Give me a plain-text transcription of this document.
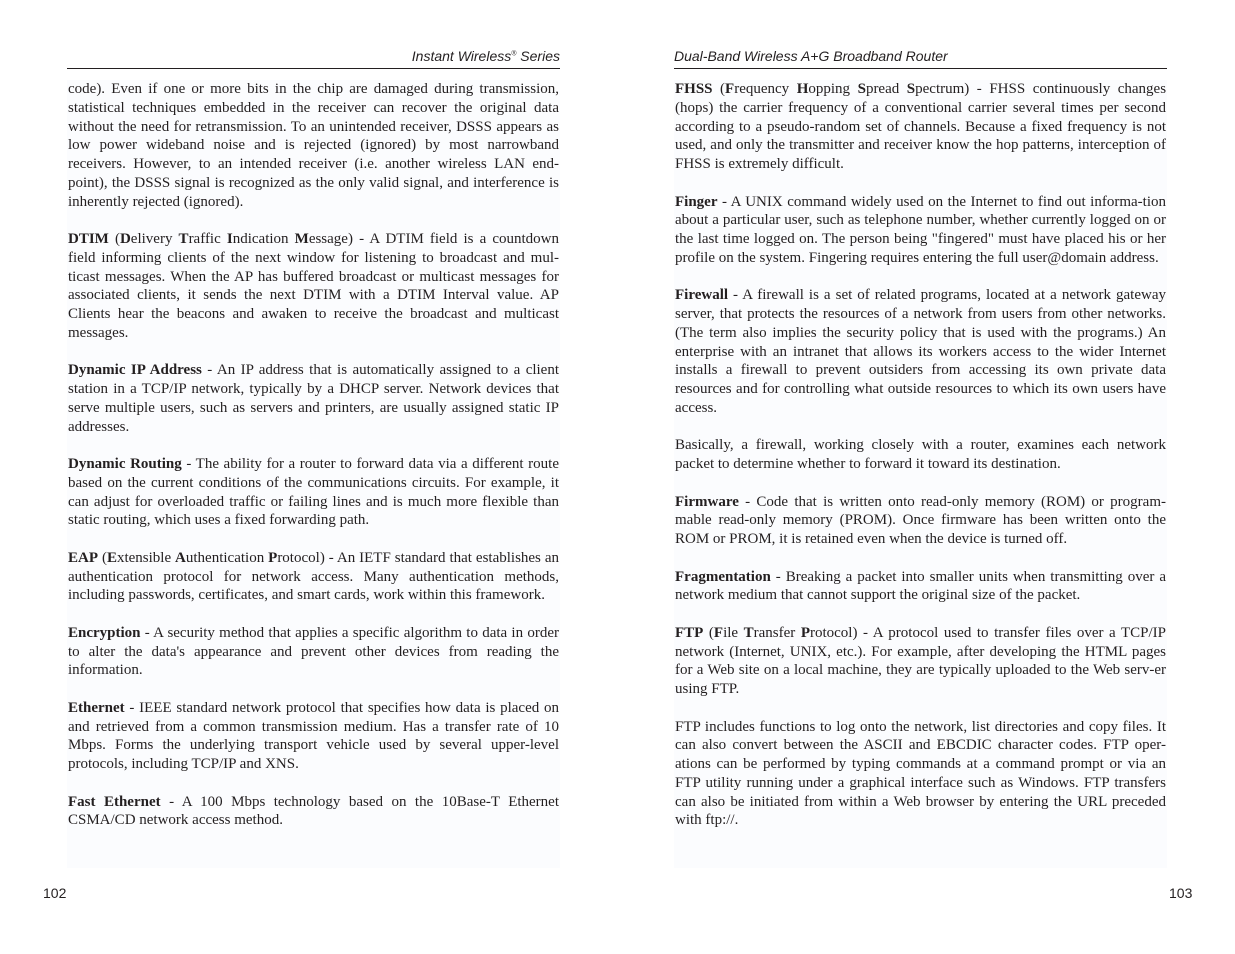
Instant Wireless® Series

code). Even if one or more bits in the chip are damaged during transmission, statistical techniques embedded in the receiver can recover the original data without the need for retransmission. To an unintended receiver, DSSS appears as low power wideband noise and is rejected (ignored) by most narrowband receivers. However, to an intended receiver (i.e. another wireless LAN end-point), the DSSS signal is recognized as the only valid signal, and interference is inherently rejected (ignored).

DTIM (Delivery Traffic Indication Message) - A DTIM field is a countdown field informing clients of the next window for listening to broadcast and mul-ticast messages. When the AP has buffered broadcast or multicast messages for associated clients, it sends the next DTIM with a DTIM Interval value. AP Clients hear the beacons and awaken to receive the broadcast and multicast messages.

Dynamic IP Address - An IP address that is automatically assigned to a client station in a TCP/IP network, typically by a DHCP server. Network devices that serve multiple users, such as servers and printers, are usually assigned static IP addresses.

Dynamic Routing - The ability for a router to forward data via a different route based on the current conditions of the communications circuits. For example, it can adjust for overloaded traffic or failing lines and is much more flexible than static routing, which uses a fixed forwarding path.

EAP (Extensible Authentication Protocol) - An IETF standard that establishes an authentication protocol for network access. Many authentication methods, including passwords, certificates, and smart cards, work within this framework.

Encryption - A security method that applies a specific algorithm to data in order to alter the data's appearance and prevent other devices from reading the information.

Ethernet - IEEE standard network protocol that specifies how data is placed on and retrieved from a common transmission medium. Has a transfer rate of 10 Mbps. Forms the underlying transport vehicle used by several upper-level protocols, including TCP/IP and XNS.

Fast Ethernet - A 100 Mbps technology based on the 10Base-T Ethernet CSMA/CD network access method.

102
Dual-Band Wireless A+G Broadband Router

FHSS (Frequency Hopping Spread Spectrum) - FHSS continuously changes (hops) the carrier frequency of a conventional carrier several times per second according to a pseudo-random set of channels. Because a fixed frequency is not used, and only the transmitter and receiver know the hop patterns, interception of FHSS is extremely difficult.

Finger - A UNIX command widely used on the Internet to find out informa-tion about a particular user, such as telephone number, whether currently logged on or the last time logged on. The person being "fingered" must have placed his or her profile on the system. Fingering requires entering the full user@domain address.

Firewall - A firewall is a set of related programs, located at a network gateway server, that protects the resources of a network from users from other networks. (The term also implies the security policy that is used with the programs.) An enterprise with an intranet that allows its workers access to the wider Internet installs a firewall to prevent outsiders from accessing its own private data resources and for controlling what outside resources to which its own users have access.

Basically, a firewall, working closely with a router, examines each network packet to determine whether to forward it toward its destination.

Firmware - Code that is written onto read-only memory (ROM) or program-mable read-only memory (PROM). Once firmware has been written onto the ROM or PROM, it is retained even when the device is turned off.

Fragmentation - Breaking a packet into smaller units when transmitting over a network medium that cannot support the original size of the packet.

FTP (File Transfer Protocol) - A protocol used to transfer files over a TCP/IP network (Internet, UNIX, etc.). For example, after developing the HTML pages for a Web site on a local machine, they are typically uploaded to the Web serv-er using FTP.

FTP includes functions to log onto the network, list directories and copy files. It can also convert between the ASCII and EBCDIC character codes. FTP oper-ations can be performed by typing commands at a command prompt or via an FTP utility running under a graphical interface such as Windows. FTP transfers can also be initiated from within a Web browser by entering the URL preceded with ftp://.

103
